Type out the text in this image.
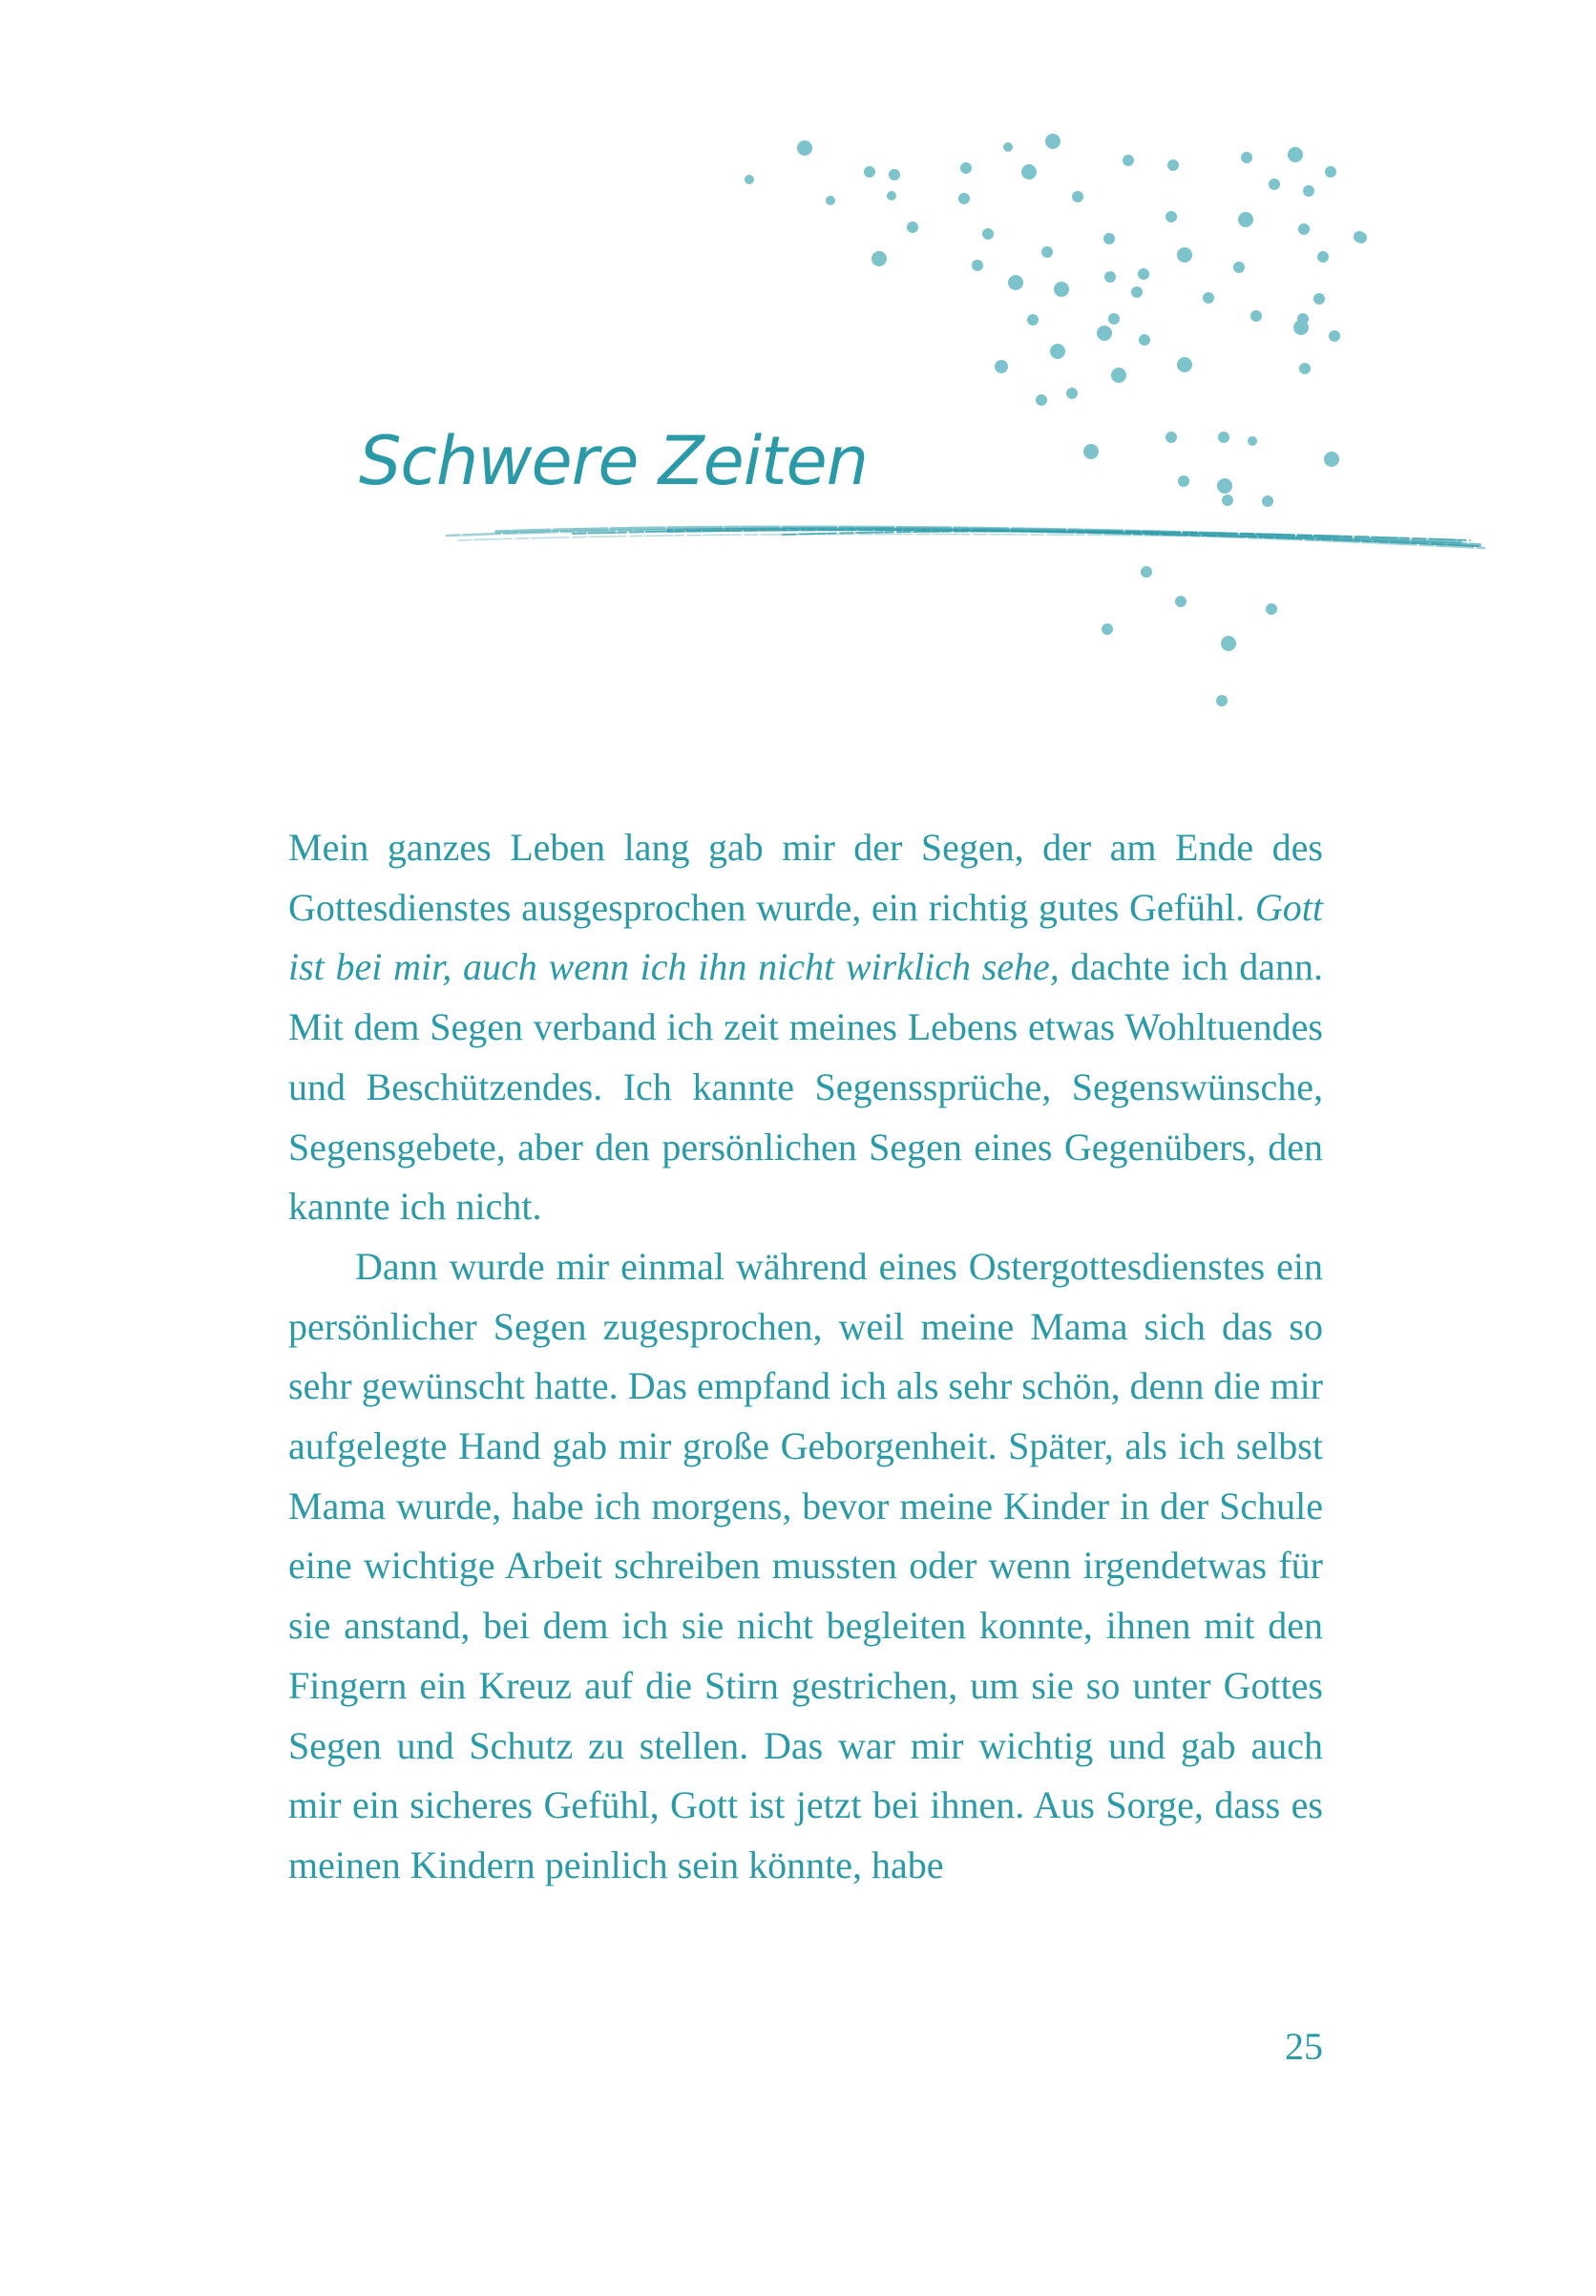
Schwere Zeiten

Mein ganzes Leben lang gab mir der Segen, der am Ende des Gottesdienstes ausgesprochen wurde, ein richtig gutes Gefühl. Gott ist bei mir, auch wenn ich ihn nicht wirklich sehe, dachte ich dann. Mit dem Segen verband ich zeit meines Lebens etwas Wohltuendes und Beschützendes. Ich kannte Segenssprüche, Segenswünsche, Segensgebete, aber den persönlichen Segen eines Gegenübers, den kannte ich nicht.

Dann wurde mir einmal während eines Ostergottesdienstes ein persönlicher Segen zugesprochen, weil meine Mama sich das so sehr gewünscht hatte. Das empfand ich als sehr schön, denn die mir aufgelegte Hand gab mir große Geborgenheit. Später, als ich selbst Mama wurde, habe ich morgens, bevor meine Kinder in der Schule eine wichtige Arbeit schreiben mussten oder wenn irgendetwas für sie anstand, bei dem ich sie nicht begleiten konnte, ihnen mit den Fingern ein Kreuz auf die Stirn gestrichen, um sie so unter Gottes Segen und Schutz zu stellen. Das war mir wichtig und gab auch mir ein sicheres Gefühl, Gott ist jetzt bei ihnen. Aus Sorge, dass es meinen Kindern peinlich sein könnte, habe

25
